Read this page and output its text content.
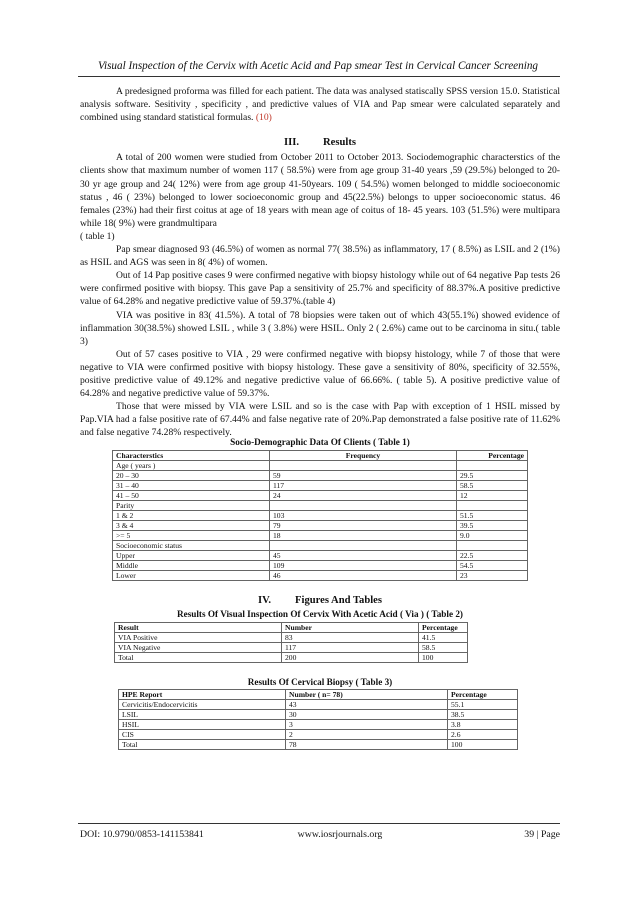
Visual Inspection of the Cervix with Acetic Acid and Pap smear Test in Cervical Cancer Screening

A predesigned proforma was filled for each patient. The data was analysed statiscally SPSS version 15.0. Statistical analysis software. Sesitivity , specificity , and predictive values of VIA and Pap smear were calculated separately and combined using standard statistical formulas. (10)

III. Results

A total of 200 women were studied from October 2011 to October 2013. Sociodemographic characterstics of the clients show that maximum number of women 117 ( 58.5%) were from age group 31-40 years ,59 (29.5%) belonged to 20-30 yr age group and 24( 12%) were from age group 41-50years. 109 ( 54.5%) women belonged to middle socioeconomic status , 46 ( 23%) belonged to lower socioeconomic group and 45(22.5%) belongs to upper socioeconomic status. 46 females (23%) had their first coitus at age of 18 years with mean age of coitus of 18- 45 years. 103 (51.5%) were multipara while 18( 9%) were grandmultipara

( table 1)

Pap smear diagnosed 93 (46.5%) of women as normal 77( 38.5%) as inflammatory, 17 ( 8.5%) as LSIL and 2 (1%) as HSIL and AGS was seen in 8( 4%) of women.

Out of 14 Pap positive cases 9 were confirmed negative with biopsy histology while out of 64 negative Pap tests 26 were confirmed positive with biopsy. This gave Pap a sensitivity of 25.7% and specificity of 88.37%.A positive predictive value of 64.28% and negative predictive value of 59.37%.(table 4)

VIA was positive in 83( 41.5%). A total of 78 biopsies were taken out of which 43(55.1%) showed evidence of inflammation 30(38.5%) showed LSIL , while 3 ( 3.8%) were HSIL. Only 2 ( 2.6%) came out to be carcinoma in situ.( table 3)

Out of 57 cases positive to VIA , 29 were confirmed negative with biopsy histology, while 7 of those that were negative to VIA were confirmed positive with biopsy histology. These gave a sensitivity of 80%, specificity of 32.55%, positive predictive value of 49.12% and negative predictive value of 66.66%. ( table 5). A positive predictive value of 64.28% and negative predictive value of 59.37%.

Those that were missed by VIA were LSIL and so is the case with Pap with exception of 1 HSIL missed by Pap.VIA had a false positive rate of 67.44% and false negative rate of 20%.Pap demonstrated a false positive rate of 11.62% and false negative 74.28% respectively.

Socio-Demographic Data Of Clients ( Table 1)
Characterstics	Frequency	Percentage
Age ( years )		
20 – 30	59	29.5
31 – 40	117	58.5
41 – 50	24	12
Parity		
1 & 2	103	51.5
3 & 4	79	39.5
>= 5	18	9.0
Socioeconomic status		
Upper	45	22.5
Middle	109	54.5
Lower	46	23
IV. Figures And Tables
Results Of Visual Inspection Of Cervix With Acetic Acid ( Via ) ( Table 2)
Result	Number	Percentage
VIA Positive	83	41.5
VIA Negative	117	58.5
Total	200	100
Results Of Cervical Biopsy ( Table 3)
HPE Report	Number ( n= 78)	Percentage
Cervicitis/Endocervicitis	43	55.1
LSIL	30	38.5
HSIL	3	3.8
CIS	2	2.6
Total	78	100
DOI: 10.9790/0853-141153841	www.iosrjournals.org	39 | Page
